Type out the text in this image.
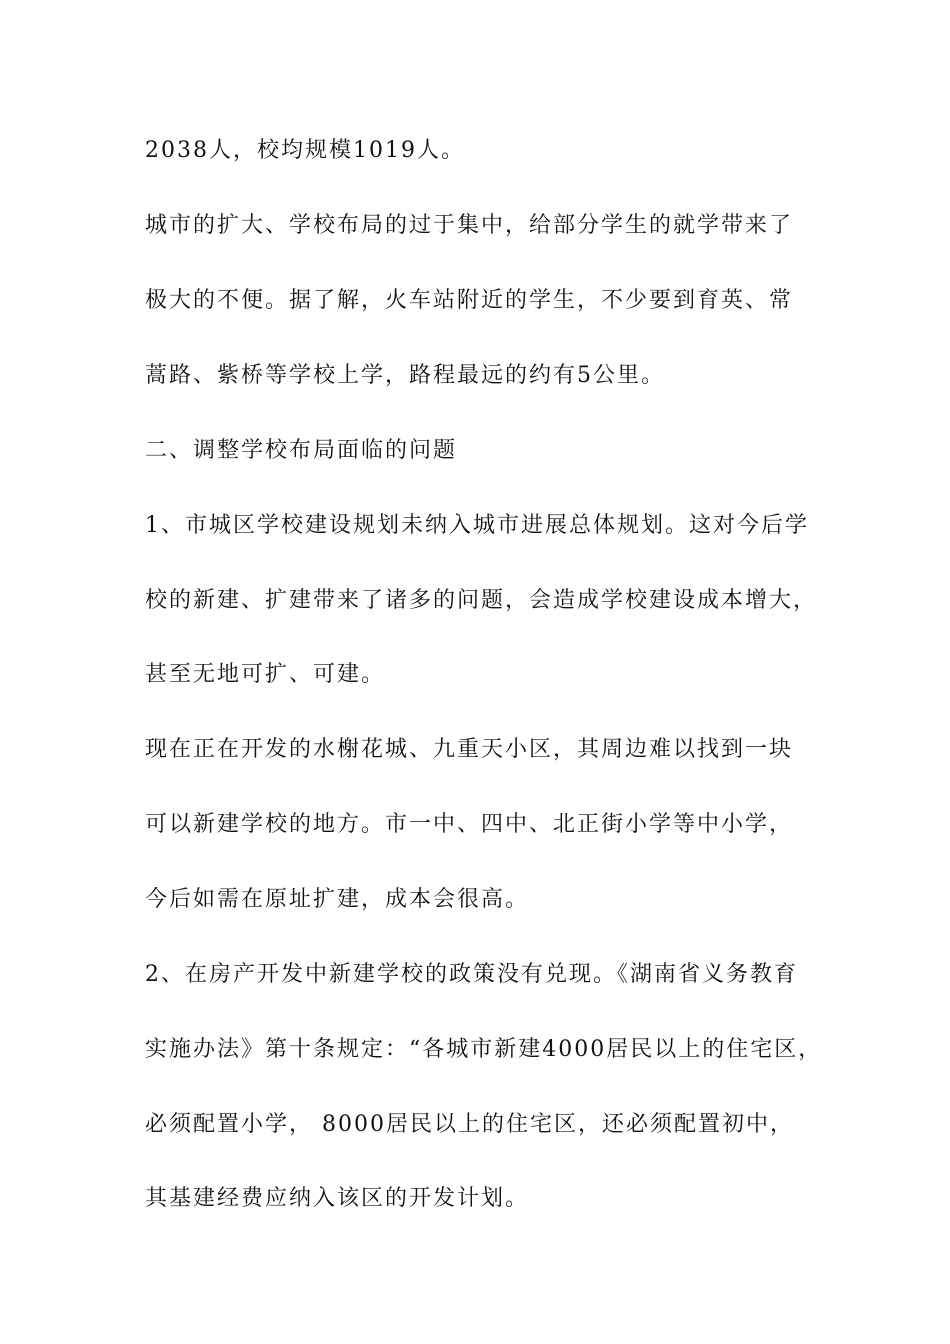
2038人，校均规模1019人。
城市的扩大、学校布局的过于集中，给部分学生的就学带来了
极大的不便。据了解，火车站附近的学生，不少要到育英、常
蒿路、紫桥等学校上学，路程最远的约有5公里。
二、调整学校布局面临的问题
1、市城区学校建设规划未纳入城市进展总体规划。这对今后学
校的新建、扩建带来了诸多的问题，会造成学校建设成本增大，
甚至无地可扩、可建。
现在正在开发的水榭花城、九重天小区，其周边难以找到一块
可以新建学校的地方。市一中、四中、北正街小学等中小学，
今后如需在原址扩建，成本会很高。
2、在房产开发中新建学校的政策没有兑现。《湖南省义务教育
实施办法》第十条规定：“各城市新建4000居民以上的住宅区，
必须配置小学， 8000居民以上的住宅区，还必须配置初中，
其基建经费应纳入该区的开发计划。
